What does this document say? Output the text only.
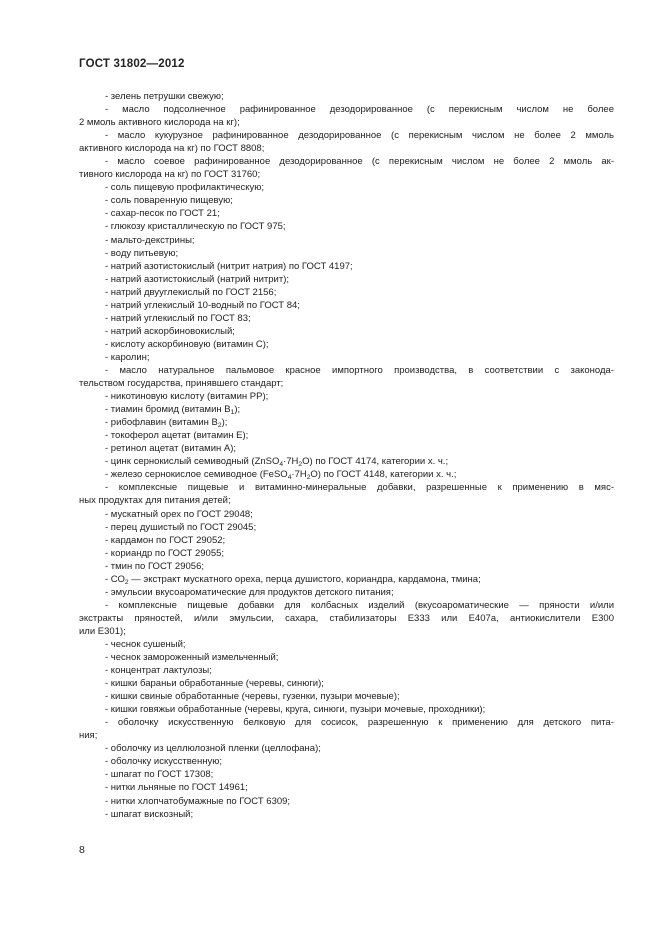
ГОСТ 31802—2012
- зелень петрушки свежую;
- масло подсолнечное рафинированное дезодорированное (с перекисным числом не более
2 ммоль активного кислорода на кг);
- масло кукурузное рафинированное дезодорированное (с перекисным числом не более 2 ммоль
активного кислорода на кг) по ГОСТ 8808;
- масло соевое рафинированное дезодорированное (с перекисным числом не более 2 ммоль ак-
тивного кислорода на кг) по ГОСТ 31760;
- соль пищевую профилактическую;
- соль поваренную пищевую;
- сахар-песок по ГОСТ 21;
- глюкозу кристаллическую по ГОСТ 975;
- мальто-декстрины;
- воду питьевую;
- натрий азотистокислый (нитрит натрия) по ГОСТ 4197;
- натрий азотистокислый (натрий нитрит);
- натрий двууглекислый по ГОСТ 2156;
- натрий углекислый 10-водный по ГОСТ 84;
- натрий углекислый по ГОСТ 83;
- натрий аскорбиновокислый;
- кислоту аскорбиновую (витамин С);
- каролин;
- масло натуральное пальмовое красное импортного производства, в соответствии с законода-
тельством государства, принявшего стандарт;
- никотиновую кислоту (витамин РР);
- тиамин бромид (витамин $В_1$);
- рибофлавин (витамин $В_2$);
- токоферол ацетат (витамин Е);
- ретинол ацетат (витамин А);
- цинк сернокислый семиводный $(ZnSO_4\cdot 7H_2O)$ по ГОСТ 4174, категории х. ч.;
- железо сернокислое семиводное $(FeSO_4\cdot 7H_2O)$ по ГОСТ 4148, категории х. ч.;
- комплексные пищевые и витаминно-минеральные добавки, разрешенные к применению в мяс-
ных продуктах для питания детей;
- мускатный орех по ГОСТ 29048;
- перец душистый по ГОСТ 29045;
- кардамон по ГОСТ 29052;
- кориандр по ГОСТ 29055;
- тмин по ГОСТ 29056;
- $СО_2$ — экстракт мускатного ореха, перца душистого, кориандра, кардамона, тмина;
- эмульсии вкусоароматические для продуктов детского питания;
- комплексные пищевые добавки для колбасных изделий (вкусоароматические — пряности и/или
экстракты пряностей, и/или эмульсии, сахара, стабилизаторы Е333 или Е407а, антиокислители Е300
или Е301);
- чеснок сушеный;
- чеснок замороженный измельченный;
- концентрат лактулозы;
- кишки бараньи обработанные (черевы, синюги);
- кишки свиные обработанные (черевы, гузенки, пузыри мочевые);
- кишки говяжьи обработанные (черевы, круга, синюги, пузыри мочевые, проходники);
- оболочку искусственную белковую для сосисок, разрешенную к применению для детского пита-
ния;
- оболочку из целлюлозной пленки (целлофана);
- оболочку искусственную;
- шпагат по ГОСТ 17308;
- нитки льняные по ГОСТ 14961;
- нитки хлопчатобумажные по ГОСТ 6309;
- шпагат вискозный;
8
